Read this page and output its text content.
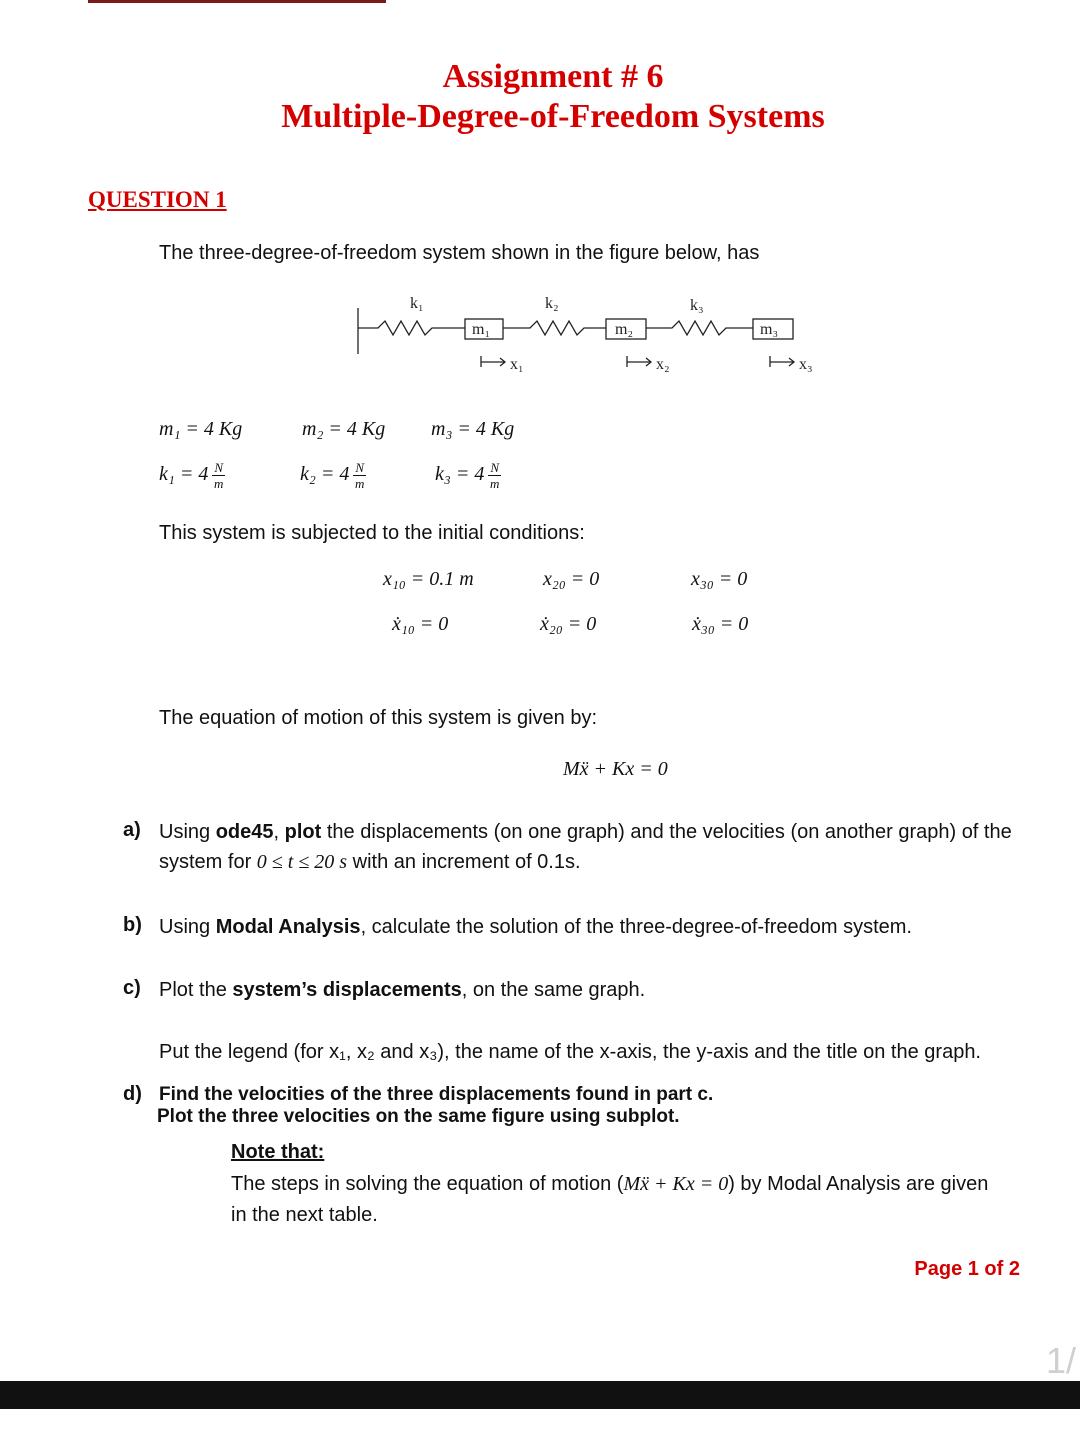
Assignment # 6
Multiple-Degree-of-Freedom Systems
QUESTION 1
The three-degree-of-freedom system shown in the figure below, has
k₁	k₂	k₃
m₁	m₂	m₃
x₁	x₂	x₃
m₁ = 4 Kg	m₂ = 4 Kg m₃ = 4 Kg
$k_1 = 4 \frac{N}{m}$	$k_2 = 4 \frac{N}{m}$	$k_3 = 4 \frac{N}{m}$
This system is subjected to the initial conditions:
x₁₀ = 0.1 m	x₂₀ = 0	x₃₀ = 0
ẋ₁₀ = 0	ẋ₂₀ = 0	ẋ₃₀ = 0
The equation of motion of this system is given by:
Mẍ + Kx = 0
a) Using ode45, plot the displacements (on one graph) and the velocities (on another graph) of the
system for 0 ≤ t ≤ 20 s with an increment of 0.1s.
b) Using Modal Analysis, calculate the solution of the three-degree-of-freedom system.
c) Plot the system’s displacements, on the same graph.
Put the legend (for x₁, x₂ and x₃), the name of the x-axis, the y-axis and the title on the graph.
d) Find the velocities of the three displacements found in part c.
Plot the three velocities on the same figure using subplot.
Note that:
The steps in solving the equation of motion (Mẍ + Kx = 0) by Modal Analysis are given
in the next table.
Page 1 of 2
1/
